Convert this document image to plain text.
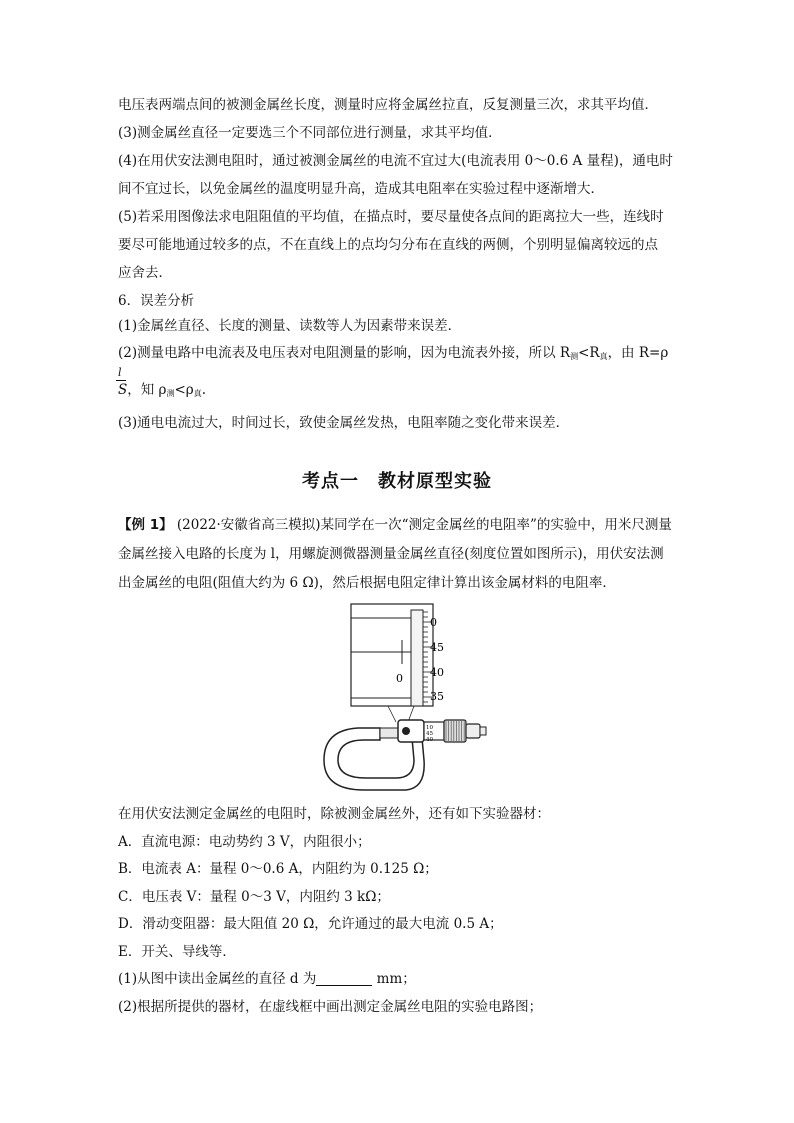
电压表两端点间的被测金属丝长度，测量时应将金属丝拉直，反复测量三次，求其平均值．
(3)测金属丝直径一定要选三个不同部位进行测量，求其平均值．
(4)在用伏安法测电阻时，通过被测金属丝的电流不宜过大(电流表用 0～0.6 A 量程)，通电时
间不宜过长，以免金属丝的温度明显升高，造成其电阻率在实验过程中逐渐增大．
(5)若采用图像法求电阻阻值的平均值，在描点时，要尽量使各点间的距离拉大一些，连线时
要尽可能地通过较多的点，不在直线上的点均匀分布在直线的两侧，个别明显偏离较远的点
应舍去．
6．误差分析
(1)金属丝直径、长度的测量、读数等人为因素带来误差．
(2)测量电路中电流表及电压表对电阻测量的影响，因为电流表外接，所以 $R_测<R_真$，由 R=ρ
l
S，知 $\rho_测<\rho_真$.
(3)通电电流过大，时间过长，致使金属丝发热，电阻率随之变化带来误差．
考点一　教材原型实验
【例 1】 (2022·安徽省高三模拟)某同学在一次“测定金属丝的电阻率”的实验中，用米尺测量
金属丝接入电路的长度为 l，用螺旋测微器测量金属丝直径(刻度位置如图所示)，用伏安法测
出金属丝的电阻(阻值大约为 6 Ω)，然后根据电阻定律计算出该金属材料的电阻率．
0
0
45
40
35
10
45
40
在用伏安法测定金属丝的电阻时，除被测金属丝外，还有如下实验器材：
A．直流电源：电动势约 3 V，内阻很小；
B．电流表 A：量程 0～0.6 A，内阻约为 0.125 Ω；
C．电压表 V：量程 0～3 V，内阻约 3 kΩ；
D．滑动变阻器：最大阻值 20 Ω，允许通过的最大电流 0.5 A；
E．开关、导线等．
(1)从图中读出金属丝的直径 d 为	mm；
(2)根据所提供的器材，在虚线框中画出测定金属丝电阻的实验电路图；
